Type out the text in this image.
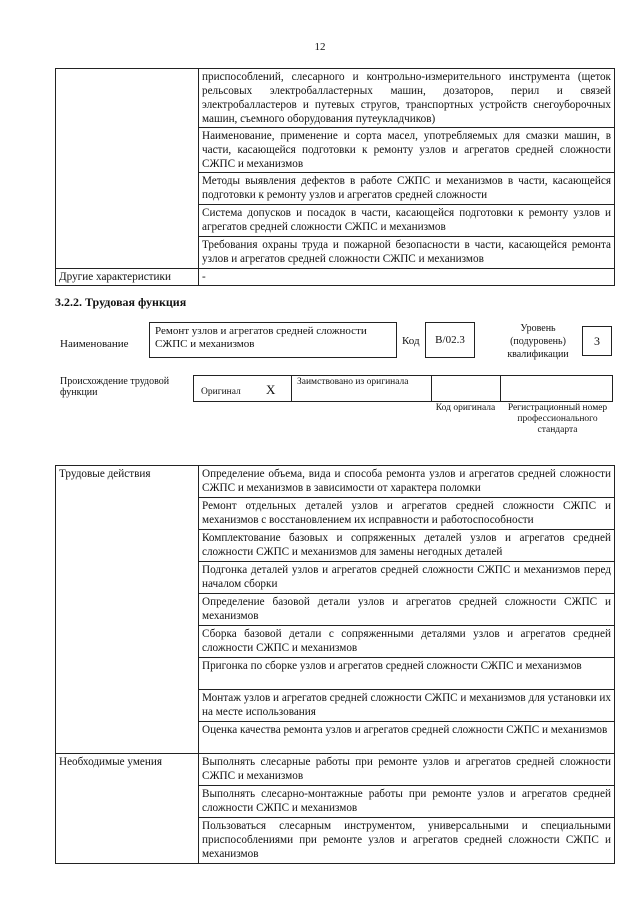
12
	приспособлений, слесарного и контрольно-измерительного инструмента (щеток рельсовых электробалластерных машин, дозаторов, перил и связей электробалластеров и путевых стругов, транспортных устройств снегоуборочных машин, съемного оборудования путеукладчиков)
	Наименование, применение и сорта масел, употребляемых для смазки машин, в части, касающейся подготовки к ремонту узлов и агрегатов средней сложности СЖПС и механизмов
	Методы выявления дефектов в работе СЖПС и механизмов в части, касающейся подготовки к ремонту узлов и агрегатов средней сложности
	Система допусков и посадок в части, касающейся подготовки к ремонту узлов и агрегатов средней сложности СЖПС и механизмов
	Требования охраны труда и пожарной безопасности в части, касающейся ремонта узлов и агрегатов средней сложности СЖПС и механизмов
Другие характеристики	-
3.2.2. Трудовая функция
Наименование
Ремонт узлов и агрегатов средней сложности СЖПС и механизмов	Код	B/02.3
Уровень (подуровень) квалификации
3
Происхождение трудовой функции	Оригинал X Заимствовано из оригинала
Код оригинала	Регистрационный номер профессионального стандарта
Трудовые действия	Определение объема, вида и способа ремонта узлов и агрегатов средней сложности СЖПС и механизмов в зависимости от характера поломки
	Ремонт отдельных деталей узлов и агрегатов средней сложности СЖПС и механизмов с восстановлением их исправности и работоспособности
	Комплектование базовых и сопряженных деталей узлов и агрегатов средней сложности СЖПС и механизмов для замены негодных деталей
	Подгонка деталей узлов и агрегатов средней сложности СЖПС и механизмов перед началом сборки
	Определение базовой детали узлов и агрегатов средней сложности СЖПС и механизмов
	Сборка базовой детали с сопряженными деталями узлов и агрегатов средней сложности СЖПС и механизмов
	Пригонка по сборке узлов и агрегатов средней сложности СЖПС и механизмов
	Монтаж узлов и агрегатов средней сложности СЖПС и механизмов для установки их на месте использования
	Оценка качества ремонта узлов и агрегатов средней сложности СЖПС и механизмов
Необходимые умения	Выполнять слесарные работы при ремонте узлов и агрегатов средней сложности СЖПС и механизмов
	Выполнять слесарно-монтажные работы при ремонте узлов и агрегатов средней сложности СЖПС и механизмов
	Пользоваться слесарным инструментом, универсальными и специальными приспособлениями при ремонте узлов и агрегатов средней сложности СЖПС и механизмов
